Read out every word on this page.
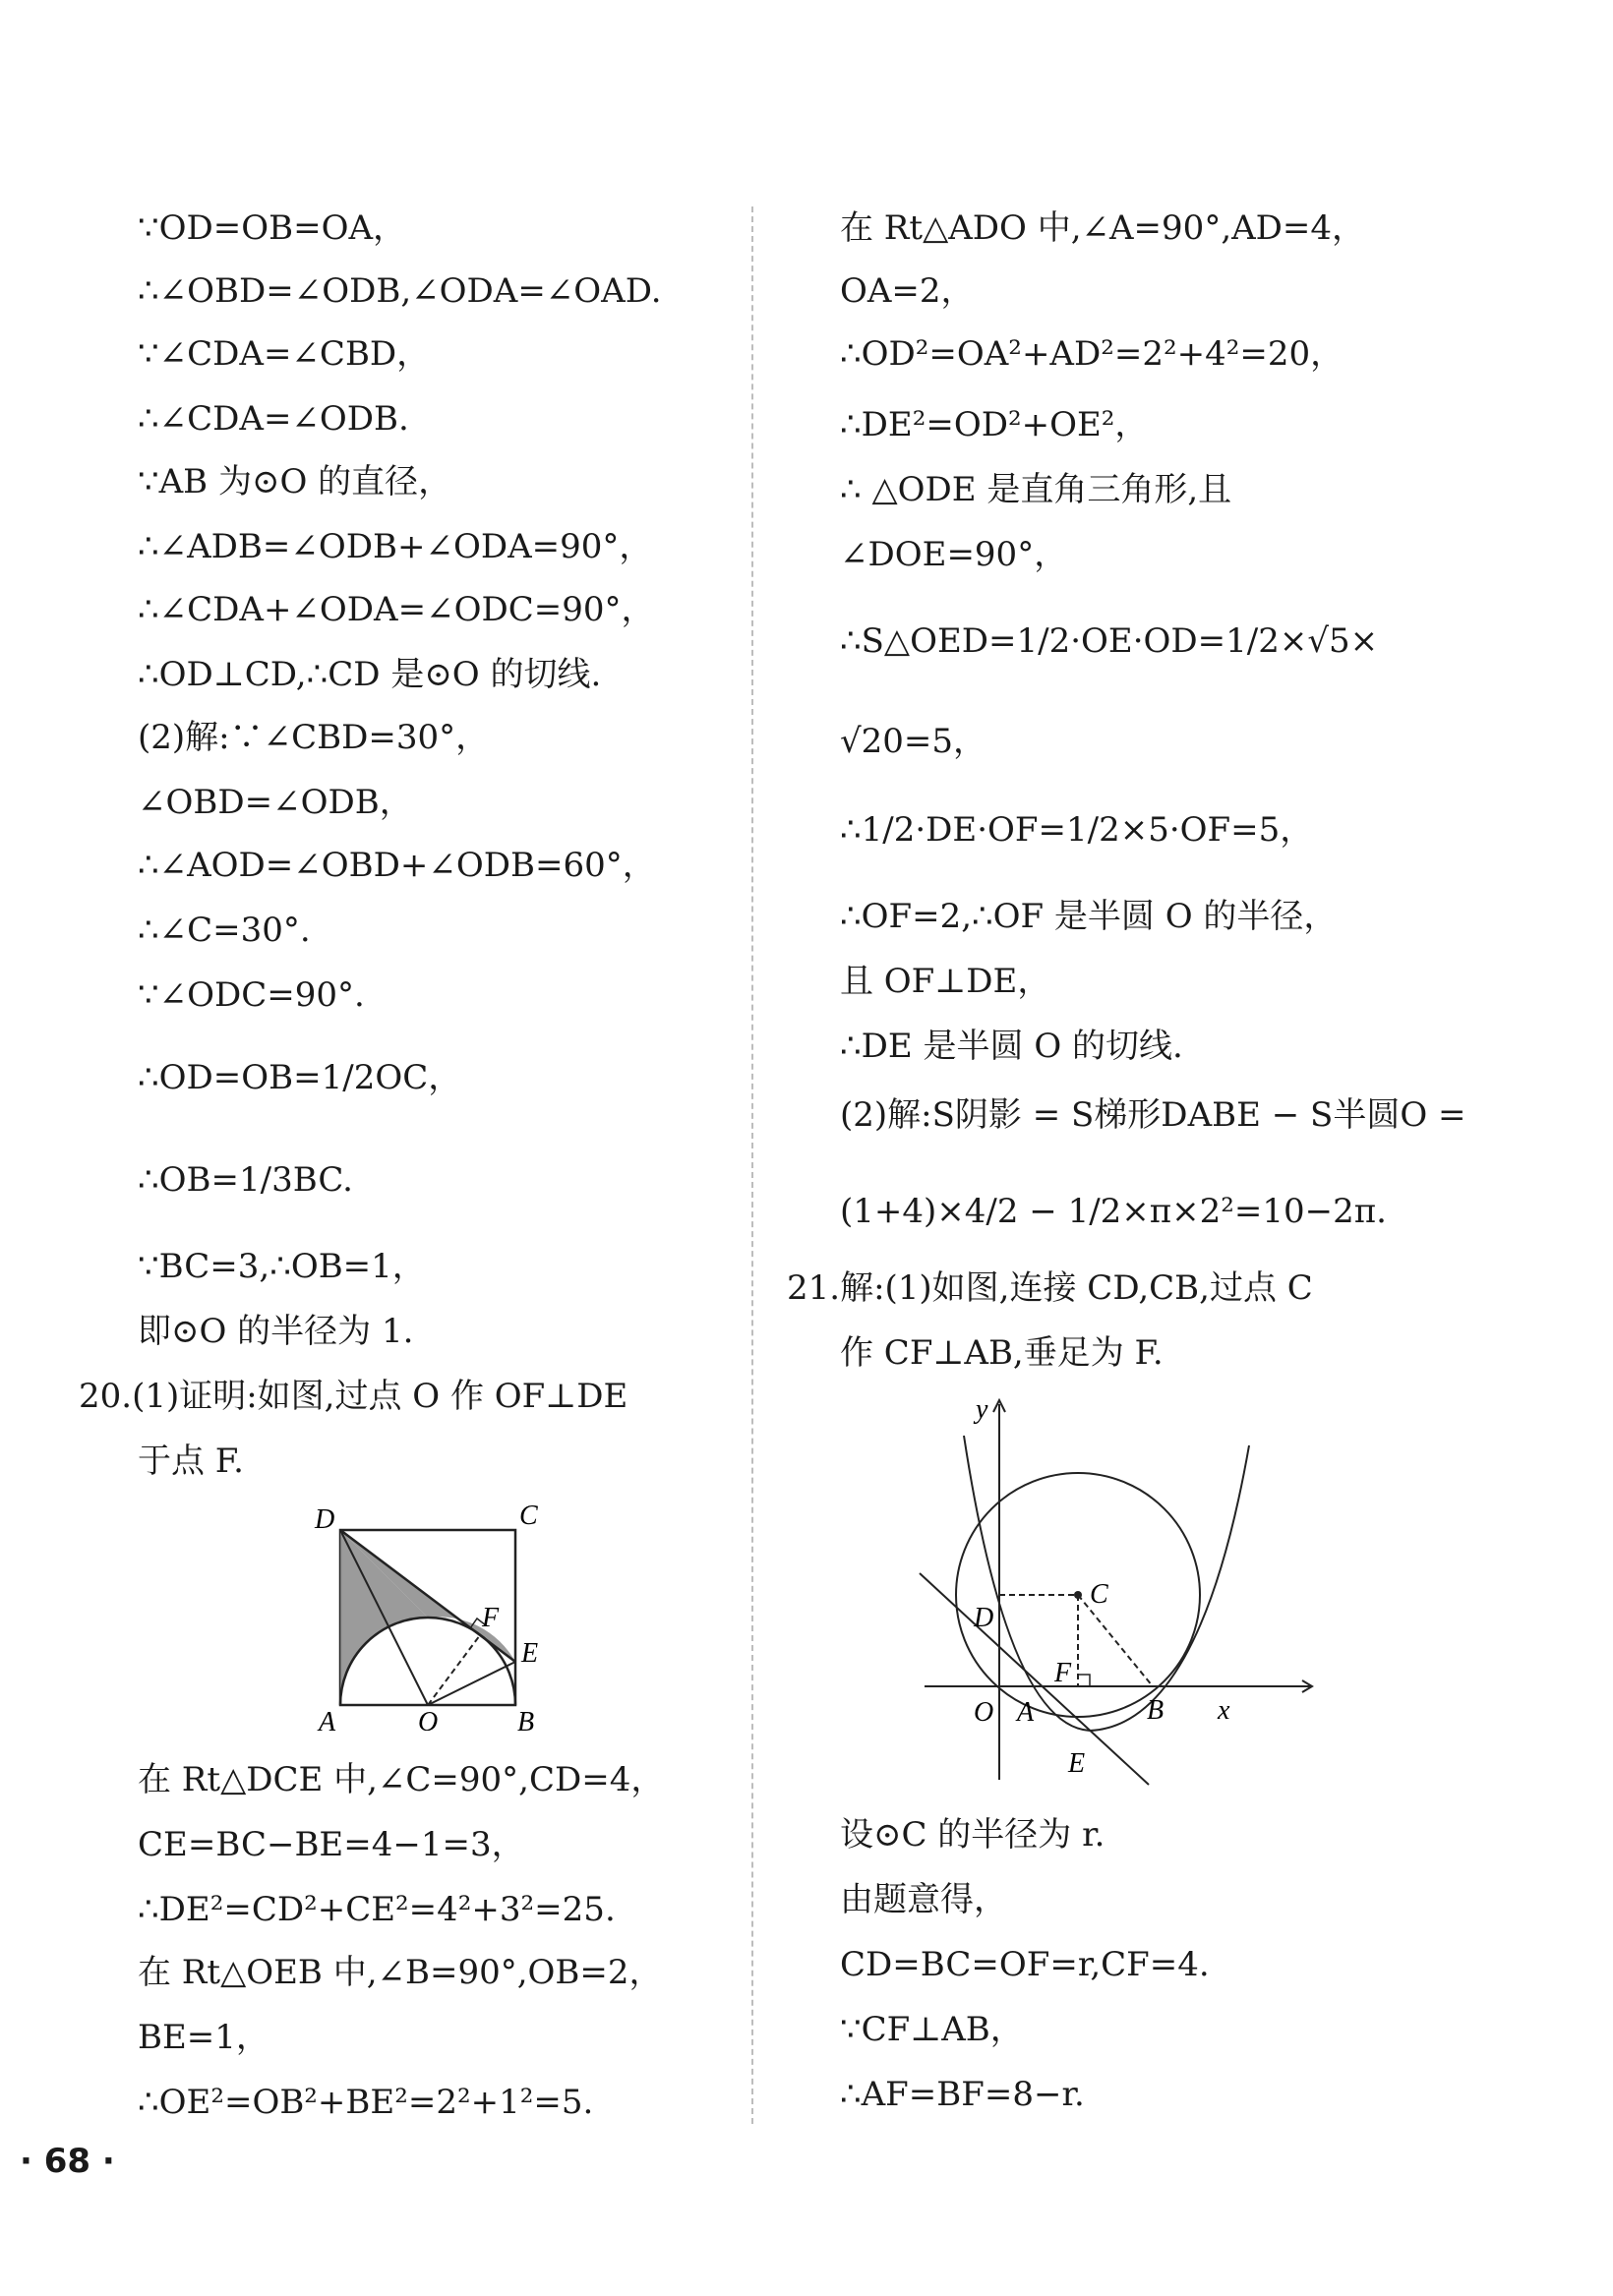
∵OD=OB=OA，
∴∠OBD=∠ODB,∠ODA=∠OAD.
∵∠CDA=∠CBD，
∴∠CDA=∠ODB.
∵AB 为⊙O 的直径，
∴∠ADB=∠ODB+∠ODA=90°，
∴∠CDA+∠ODA=∠ODC=90°，
∴OD⊥CD,∴CD 是⊙O 的切线.
(2)解:∵∠CBD=30°，
∠OBD=∠ODB，
∴∠AOD=∠OBD+∠ODB=60°，
∴∠C=30°.
∵∠ODC=90°.
∴OD=OB=1/2OC，
∴OB=1/3BC.
∵BC=3,∴OB=1，
即⊙O 的半径为 1.
20.(1)证明:如图,过点 O 作 OF⊥DE
于点 F.
D	C
F
E
A	O	B
在 Rt△DCE 中,∠C=90°,CD=4，
CE=BC−BE=4−1=3，
∴DE²=CD²+CE²=4²+3²=25.
在 Rt△OEB 中,∠B=90°,OB=2，
BE=1，
∴OE²=OB²+BE²=2²+1²=5.
在 Rt△ADO 中,∠A=90°,AD=4，
OA=2，
∴OD²=OA²+AD²=2²+4²=20，
∴DE²=OD²+OE²，
∴ △ODE 是直角三角形,且
∠DOE=90°，
∴S△OED=1/2·OE·OD=1/2×√5×
√20=5，
∴1/2·DE·OF=1/2×5·OF=5，
∴OF=2,∴OF 是半圆 O 的半径，
且 OF⊥DE，
∴DE 是半圆 O 的切线.
(2)解:S阴影 = S梯形DABE − S半圆O =
(1+4)×4/2 − 1/2×π×2²=10−2π.
21.解:(1)如图,连接 CD,CB,过点 C
作 CF⊥AB,垂足为 F.
y
C
D
F
O A	B x
E
设⊙C 的半径为 r.
由题意得，
CD=BC=OF=r,CF=4.
∵CF⊥AB，
∴AF=BF=8−r.
· 68 ·
